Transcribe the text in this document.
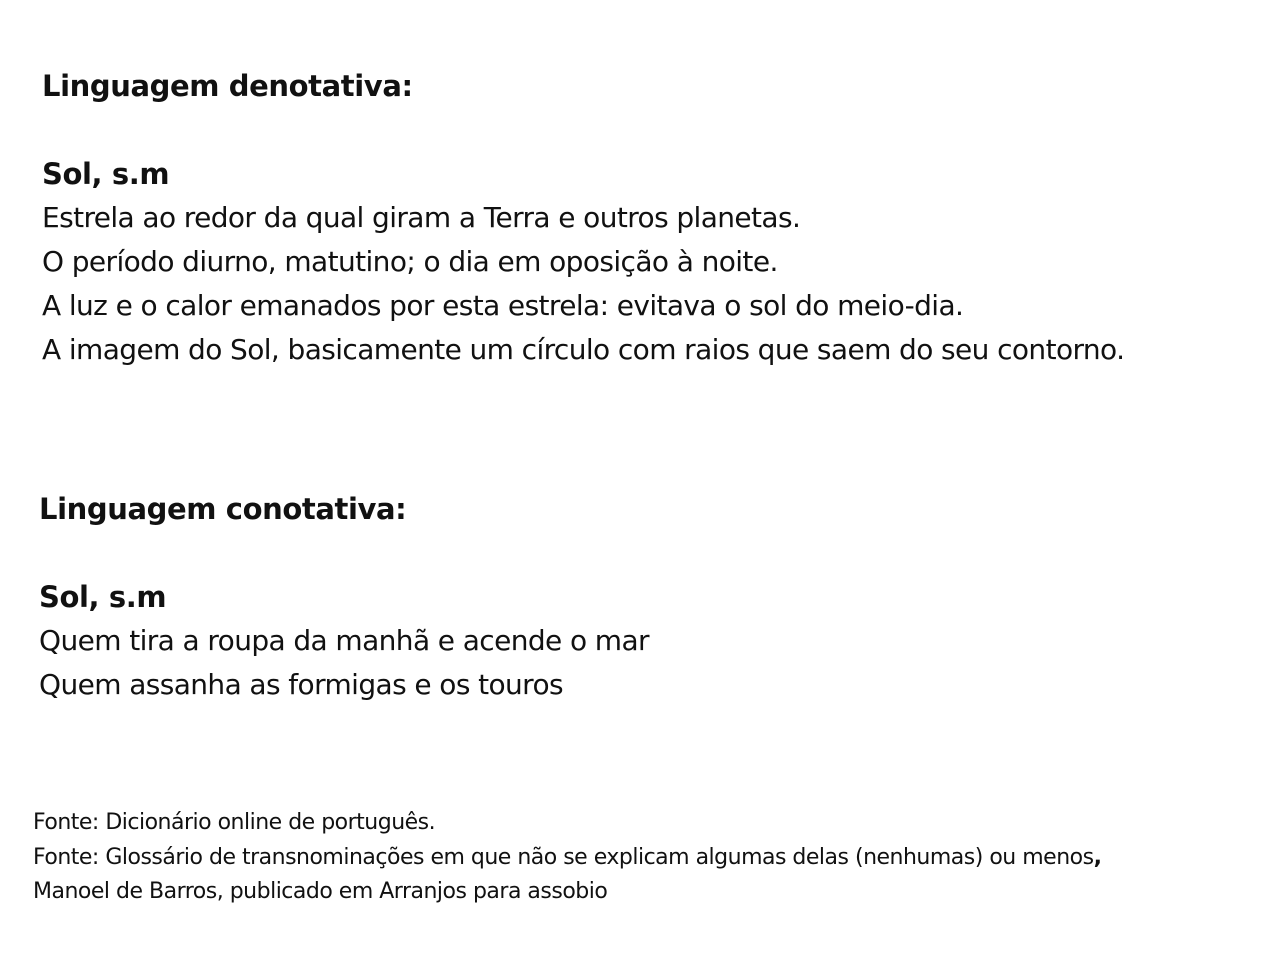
Linguagem denotativa:
Sol, s.m
Estrela ao redor da qual giram a Terra e outros planetas.
O período diurno, matutino; o dia em oposição à noite.
A luz e o calor emanados por esta estrela: evitava o sol do meio-dia.
A imagem do Sol, basicamente um círculo com raios que saem do seu contorno.
Linguagem conotativa:
Sol, s.m
Quem tira a roupa da manhã e acende o mar
Quem assanha as formigas e os touros
Fonte: Dicionário online de português.
Fonte: Glossário de transnominações em que não se explicam algumas delas (nenhumas) ou menos,
Manoel de Barros, publicado em Arranjos para assobio
